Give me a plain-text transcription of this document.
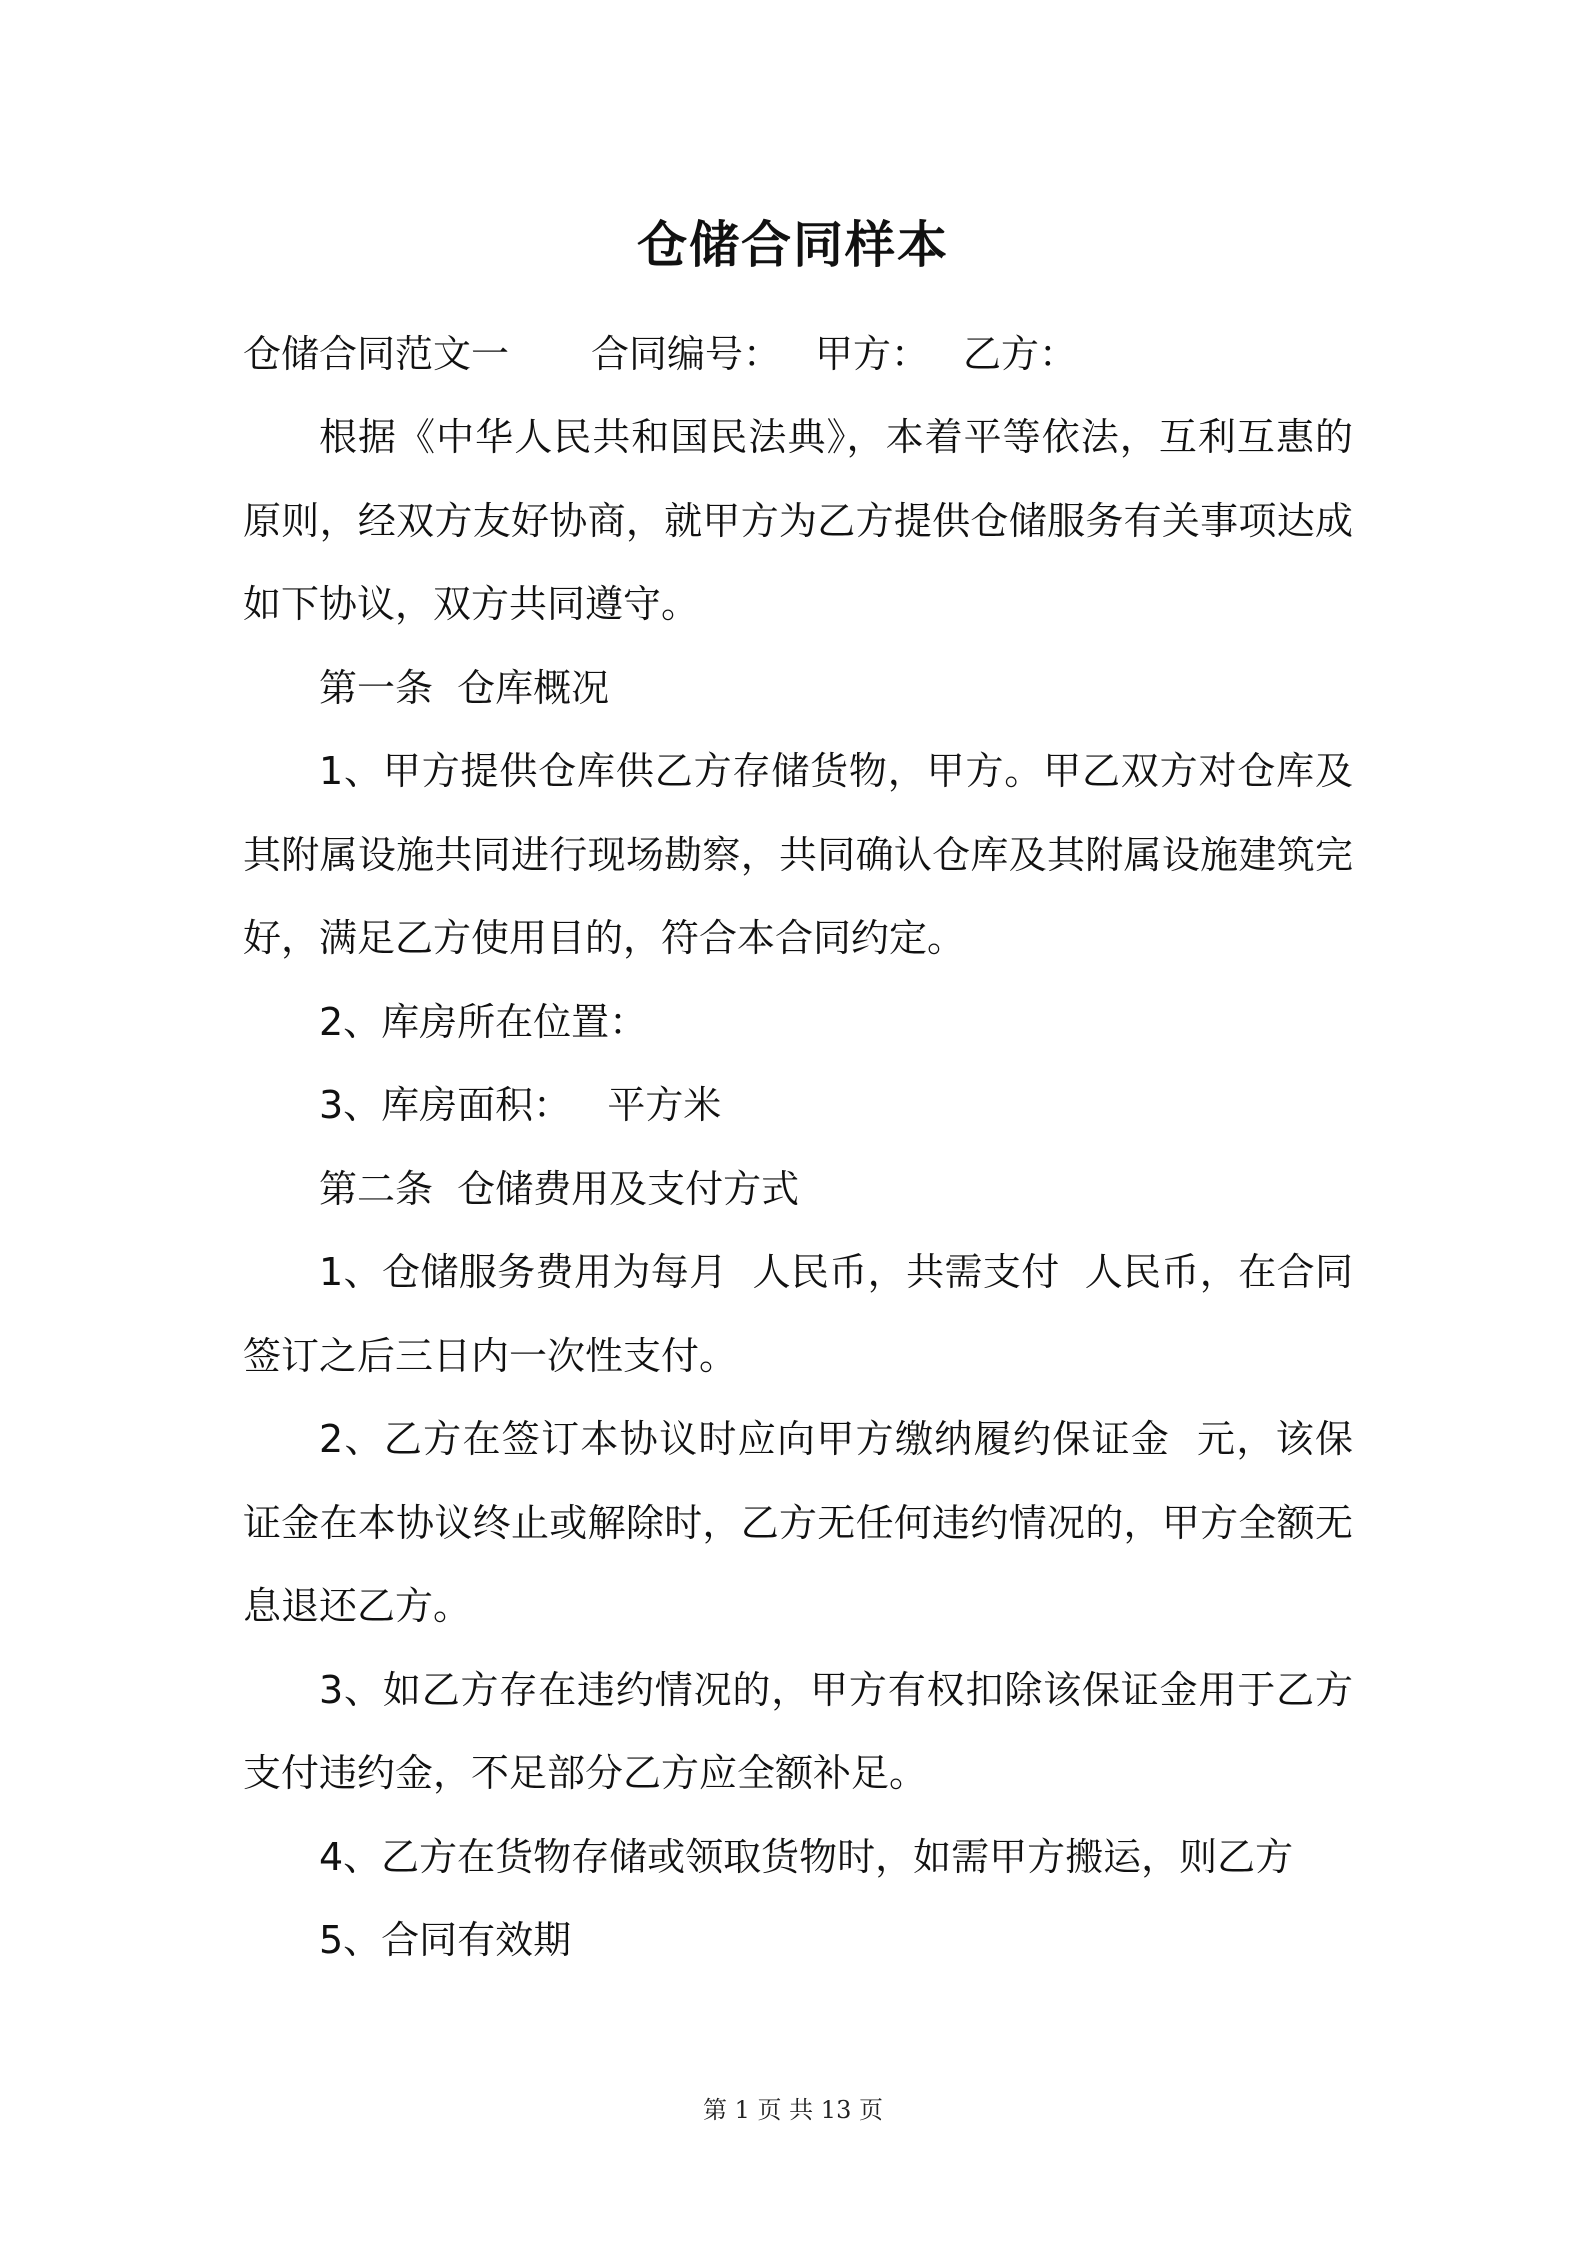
仓储合同样本
仓储合同范文一 合同编号： 甲方： 乙方：

根据《中华人民共和国民法典》，本着平等依法，互利互惠的原则，经双方友好协商，就甲方为乙方提供仓储服务有关事项达成如下协议，双方共同遵守。

第一条  仓库概况

1、甲方提供仓库供乙方存储货物，甲方。甲乙双方对仓库及其附属设施共同进行现场勘察，共同确认仓库及其附属设施建筑完好，满足乙方使用目的，符合本合同约定。

2、库房所在位置：

3、库房面积：   平方米

第二条  仓储费用及支付方式

1、仓储服务费用为每月  人民币，共需支付  人民币，在合同签订之后三日内一次性支付。

2、乙方在签订本协议时应向甲方缴纳履约保证金  元，该保证金在本协议终止或解除时，乙方无任何违约情况的，甲方全额无息退还乙方。

3、如乙方存在违约情况的，甲方有权扣除该保证金用于乙方支付违约金，不足部分乙方应全额补足。

4、乙方在货物存储或领取货物时，如需甲方搬运，则乙方

5、合同有效期

第 1 页 共 13 页
